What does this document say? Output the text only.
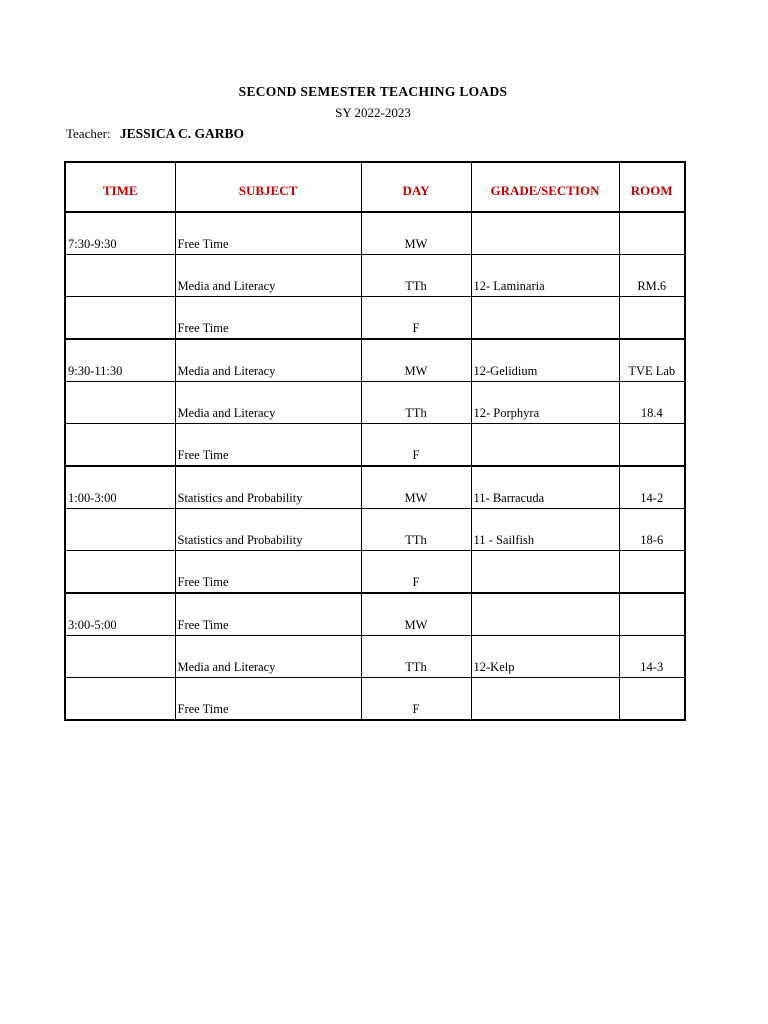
SECOND SEMESTER TEACHING LOADS
SY 2022-2023
Teacher: JESSICA C. GARBO
TIME	SUBJECT	DAY	GRADE/SECTION	ROOM
7:30-9:30	Free Time	MW		
	Media and Literacy	TTh	12- Laminaria	RM.6
	Free Time	F		
9:30-11:30	Media and Literacy	MW	12-Gelidium	TVE Lab
	Media and Literacy	TTh	12- Porphyra	18.4
	Free Time	F		
1:00-3:00	Statistics and Probability	MW	11- Barracuda	14-2
	Statistics and Probability	TTh	11 - Sailfish	18-6
	Free Time	F		
3:00-5:00	Free Time	MW		
	Media and Literacy	TTh	12-Kelp	14-3
	Free Time	F		
